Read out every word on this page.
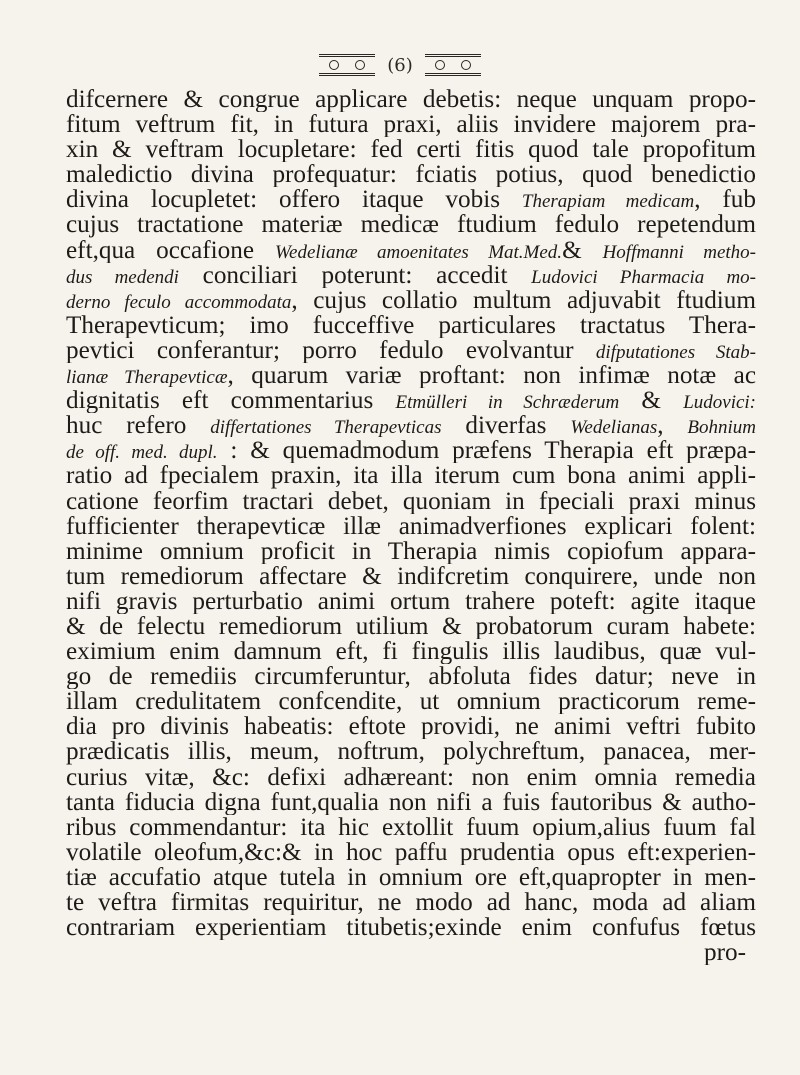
(6)
difcernere & congrue applicare debetis: neque unquam propo-
fitum veftrum fit, in futura praxi, aliis invidere majorem pra-
xin & veftram locupletare: fed certi fitis quod tale propofitum
maledictio divina profequatur: fciatis potius, quod benedictio
divina locupletet: offero itaque vobis Therapiam medicam, fub
cujus tractatione materiæ medicæ ftudium fedulo repetendum
eft,qua occafione Wedelianæ amoenitates Mat.Med.& Hoffmanni metho-
dus medendi conciliari poterunt: accedit Ludovici Pharmacia mo-
derno feculo accommodata, cujus collatio multum adjuvabit ftudium
Therapevticum; imo fucceffive particulares tractatus Thera-
pevtici conferantur; porro fedulo evolvantur difputationes Stab-
lianæ Therapevticæ, quarum variæ proftant: non infimæ notæ ac
dignitatis eft commentarius Etmülleri in Schræderum & Ludovici:
huc refero differtationes Therapevticas diverfas Wedelianas, Bohnium
de off. med. dupl. : & quemadmodum præfens Therapia eft præpa-
ratio ad fpecialem praxin, ita illa iterum cum bona animi appli-
catione feorfim tractari debet, quoniam in fpeciali praxi minus
fufficienter therapevticæ illæ animadverfiones explicari folent:
minime omnium proficit in Therapia nimis copiofum appara-
tum remediorum affectare & indifcretim conquirere, unde non
nifi gravis perturbatio animi ortum trahere poteft: agite itaque
& de felectu remediorum utilium & probatorum curam habete:
eximium enim damnum eft, fi fingulis illis laudibus, quæ vul-
go de remediis circumferuntur, abfoluta fides datur; neve in
illam credulitatem confcendite, ut omnium practicorum reme-
dia pro divinis habeatis: eftote providi, ne animi veftri fubito
prædicatis illis, meum, noftrum, polychreftum, panacea, mer-
curius vitæ, &c: defixi adhæreant: non enim omnia remedia
tanta fiducia digna funt,qualia non nifi a fuis fautoribus & autho-
ribus commendantur: ita hic extollit fuum opium,alius fuum fal
volatile oleofum,&c:& in hoc paffu prudentia opus eft:experien-
tiæ accufatio atque tutela in omnium ore eft,quapropter in men-
te veftra firmitas requiritur, ne modo ad hanc, moda ad aliam
contrariam experientiam titubetis;exinde enim confufus fœtus
pro-
